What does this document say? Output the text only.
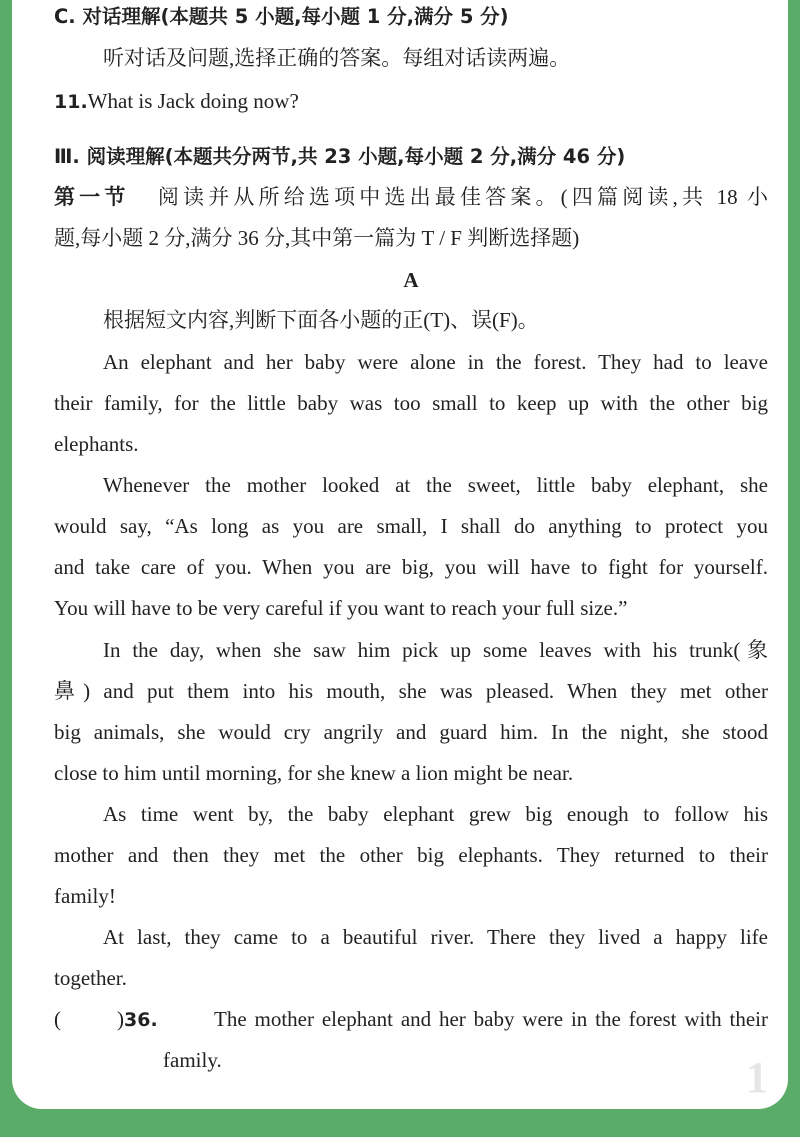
C. 对话理解(本题共 5 小题,每小题 1 分,满分 5 分)
听对话及问题,选择正确的答案。每组对话读两遍。
11.What is Jack doing now?
Ⅲ. 阅读理解(本题共分两节,共 23 小题,每小题 2 分,满分 46 分)
第一节 阅读并从所给选项中选出最佳答案。(四篇阅读,共 18 小
题,每小题 2 分,满分 36 分,其中第一篇为 T / F 判断选择题)
A
根据短文内容,判断下面各小题的正(T)、误(F)。
An elephant and her baby were alone in the forest. They had to leave
their family, for the little baby was too small to keep up with the other big
elephants.
Whenever the mother looked at the sweet, little baby elephant, she
would say, “As long as you are small, I shall do anything to protect you
and take care of you. When you are big, you will have to fight for yourself.
You will have to be very careful if you want to reach your full size.”
In the day, when she saw him pick up some leaves with his trunk(象
鼻) and put them into his mouth, she was pleased. When they met other
big animals, she would cry angrily and guard him. In the night, she stood
close to him until morning, for she knew a lion might be near.
As time went by, the baby elephant grew big enough to follow his
mother and then they met the other big elephants. They returned to their
family!
At last, they came to a beautiful river. There they lived a happy life
together.
(	)36.	The mother elephant and her baby were in the forest with their
family.	1
